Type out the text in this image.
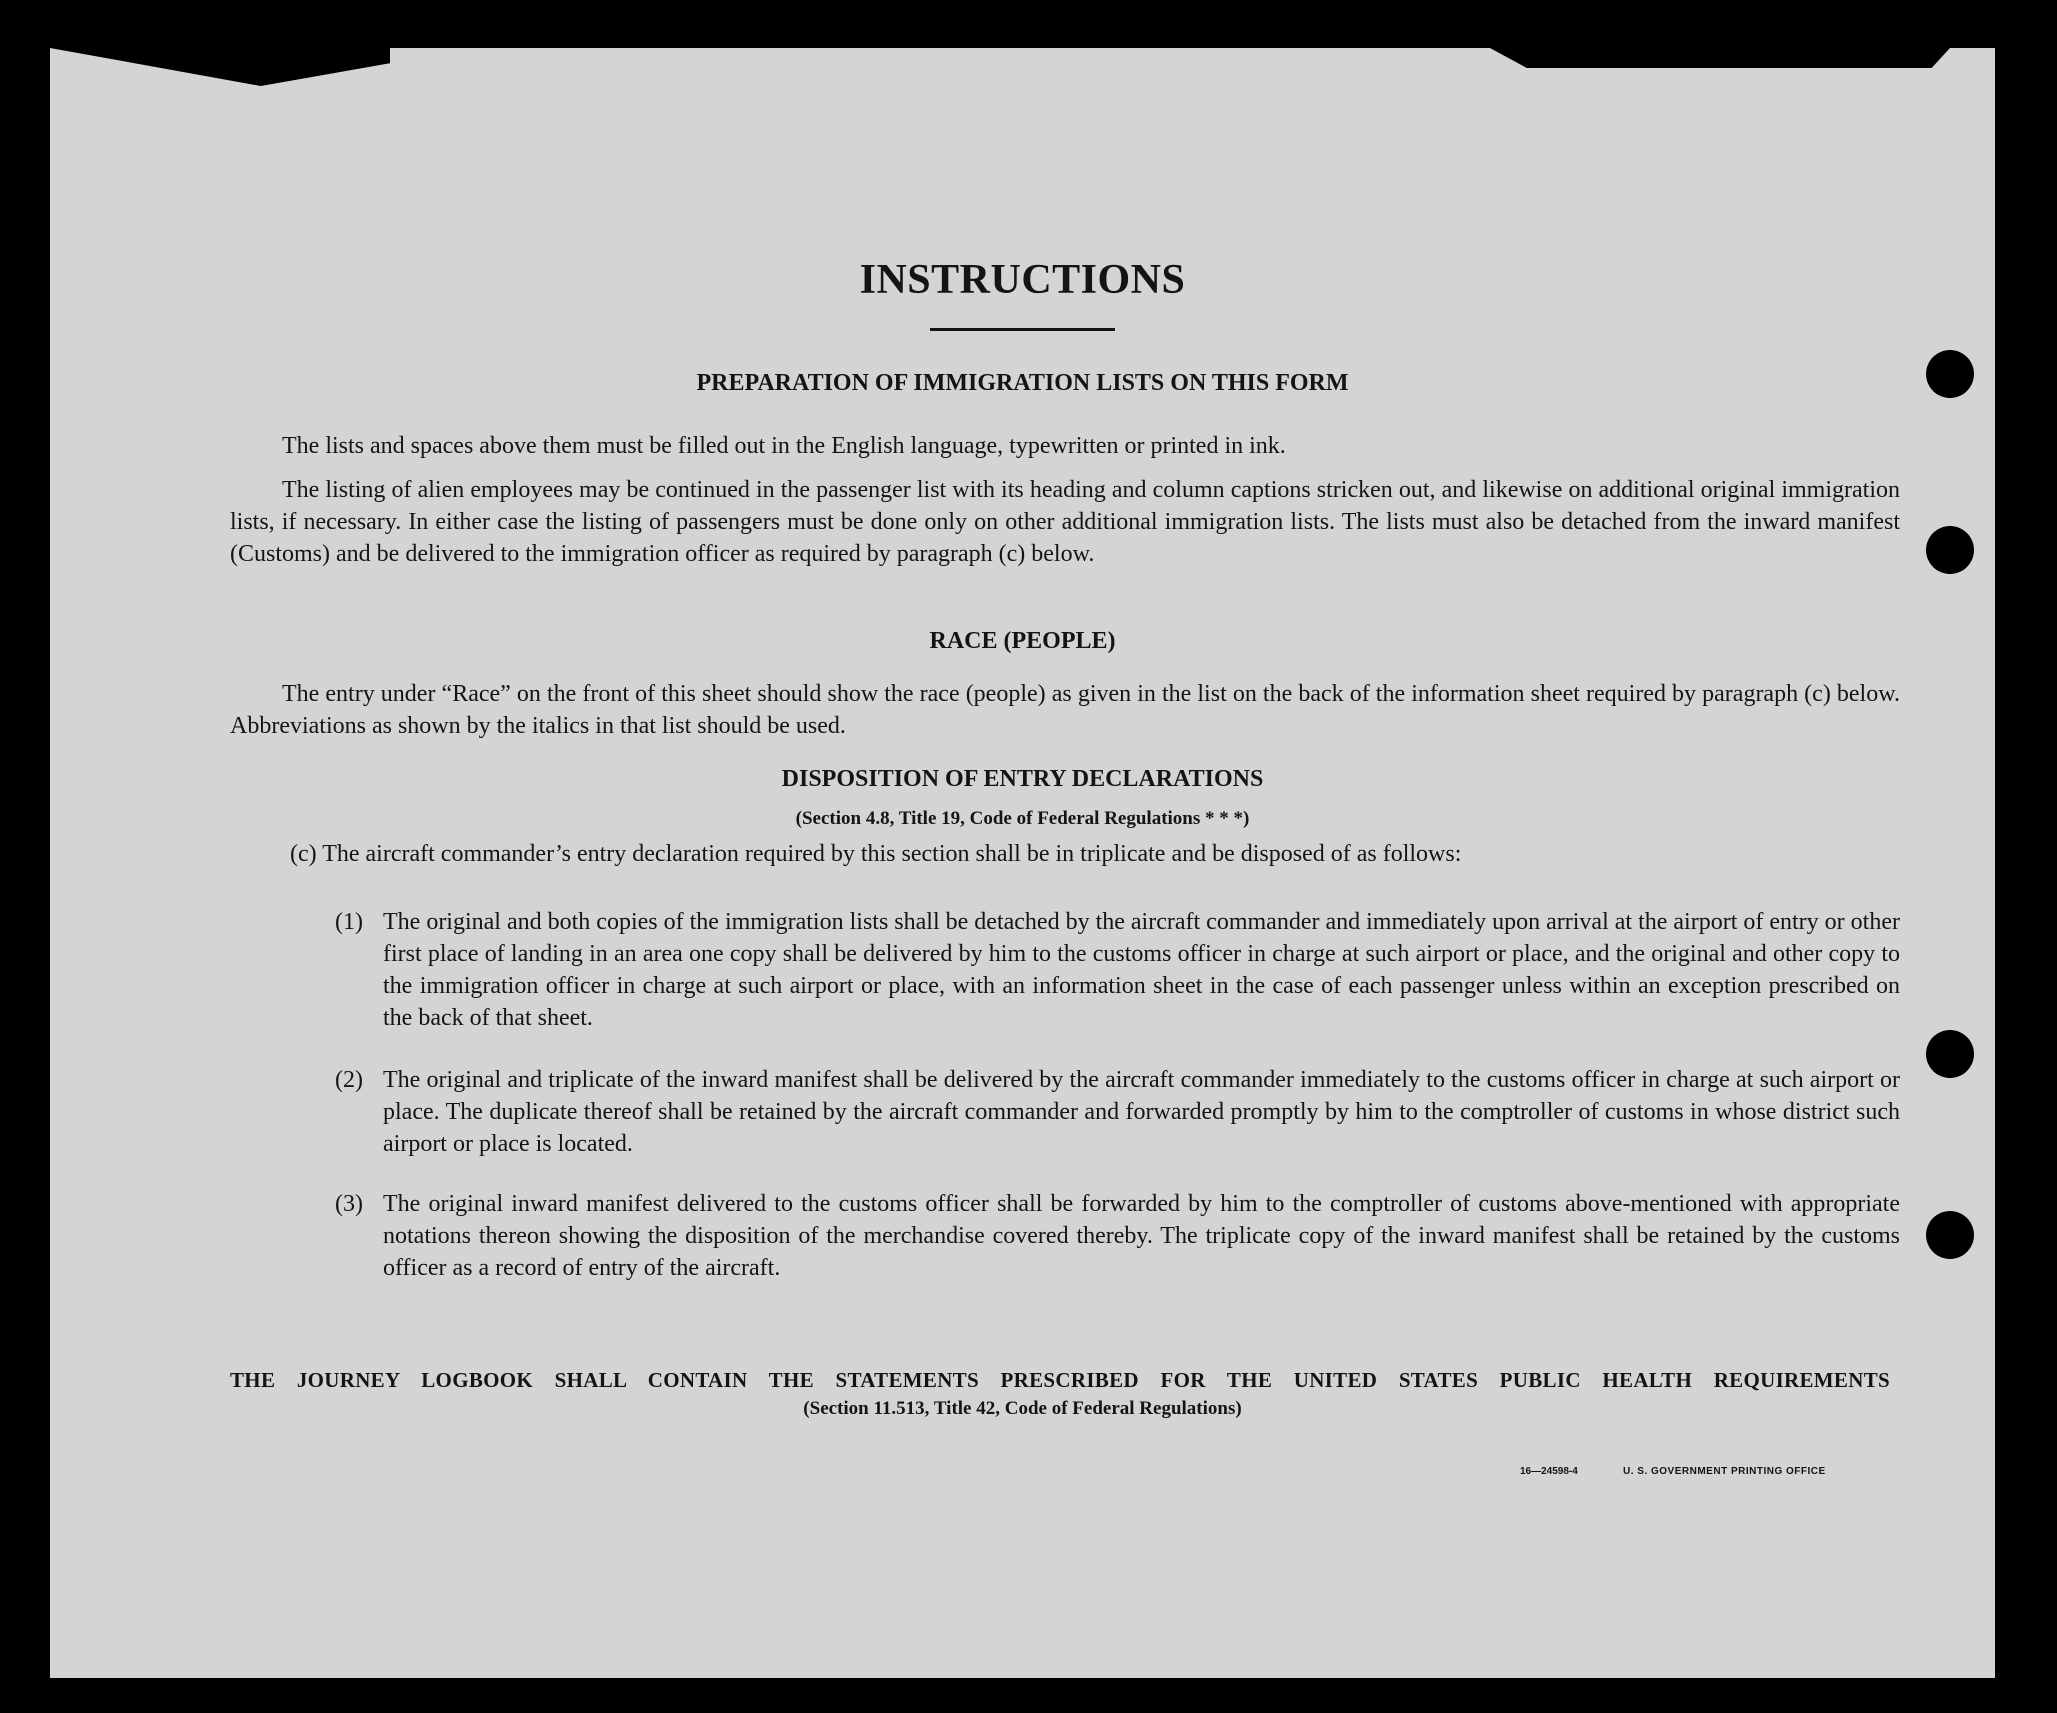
INSTRUCTIONS
PREPARATION OF IMMIGRATION LISTS ON THIS FORM
The lists and spaces above them must be filled out in the English language, typewritten or printed in ink.
The listing of alien employees may be continued in the passenger list with its heading and column captions stricken out, and likewise on additional original immigration lists, if necessary. In either case the listing of passengers must be done only on other additional immigration lists. The lists must also be detached from the inward manifest (Customs) and be delivered to the immigration officer as required by paragraph (c) below.
RACE (PEOPLE)
The entry under “Race” on the front of this sheet should show the race (people) as given in the list on the back of the information sheet required by paragraph (c) below. Abbreviations as shown by the italics in that list should be used.
DISPOSITION OF ENTRY DECLARATIONS
(Section 4.8, Title 19, Code of Federal Regulations * * *)
(c) The aircraft commander’s entry declaration required by this section shall be in triplicate and be disposed of as follows:
(1) The original and both copies of the immigration lists shall be detached by the aircraft commander and immediately upon arrival at the airport of entry or other first place of landing in an area one copy shall be delivered by him to the customs officer in charge at such airport or place, and the original and other copy to the immigration officer in charge at such airport or place, with an information sheet in the case of each passenger unless within an exception prescribed on the back of that sheet.
(2) The original and triplicate of the inward manifest shall be delivered by the aircraft commander immediately to the customs officer in charge at such airport or place. The duplicate thereof shall be retained by the aircraft commander and forwarded promptly by him to the comptroller of customs in whose district such airport or place is located.
(3) The original inward manifest delivered to the customs officer shall be forwarded by him to the comptroller of customs above-mentioned with appropriate notations thereon showing the disposition of the merchandise covered thereby. The triplicate copy of the inward manifest shall be retained by the customs officer as a record of entry of the aircraft.
THE JOURNEY LOGBOOK SHALL CONTAIN THE STATEMENTS PRESCRIBED FOR THE UNITED STATES PUBLIC HEALTH REQUIREMENTS
(Section 11.513, Title 42, Code of Federal Regulations)
16—24598-4	U. S. GOVERNMENT PRINTING OFFICE
